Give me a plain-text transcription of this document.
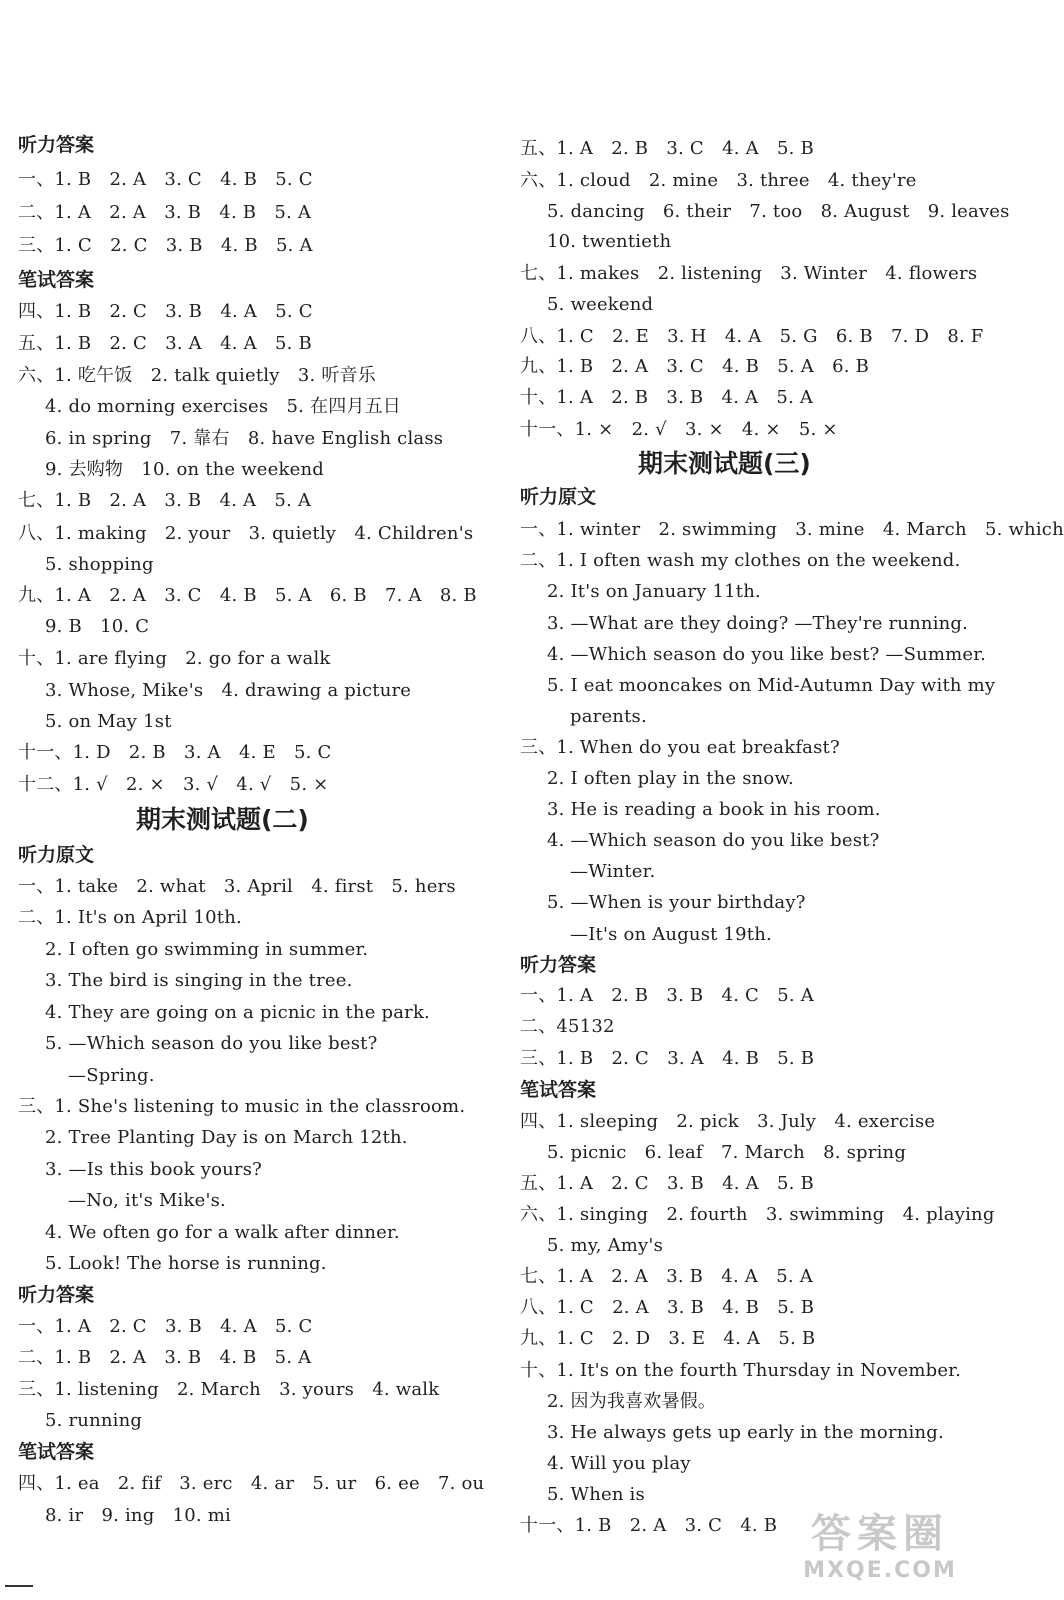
听力答案
一、1. B　2. A　3. C　4. B　5. C
二、1. A　2. A　3. B　4. B　5. A
三、1. C　2. C　3. B　4. B　5. A
笔试答案
四、1. B　2. C　3. B　4. A　5. C
五、1. B　2. C　3. A　4. A　5. B
六、1. 吃午饭　2. talk quietly　3. 听音乐
4. do morning exercises　5. 在四月五日
6. in spring　7. 靠右　8. have English class
9. 去购物　10. on the weekend
七、1. B　2. A　3. B　4. A　5. A
八、1. making　2. your　3. quietly　4. Children's
5. shopping
九、1. A　2. A　3. C　4. B　5. A　6. B　7. A　8. B
9. B　10. C
十、1. are flying　2. go for a walk
3. Whose, Mike's　4. drawing a picture
5. on May 1st
十一、1. D　2. B　3. A　4. E　5. C
十二、1. √　2. ×　3. √　4. √　5. ×
期末测试题(二)
听力原文
一、1. take　2. what　3. April　4. first　5. hers
二、1. It's on April 10th.
2. I often go swimming in summer.
3. The bird is singing in the tree.
4. They are going on a picnic in the park.
5. —Which season do you like best?
—Spring.
三、1. She's listening to music in the classroom.
2. Tree Planting Day is on March 12th.
3. —Is this book yours?
—No, it's Mike's.
4. We often go for a walk after dinner.
5. Look! The horse is running.
听力答案
一、1. A　2. C　3. B　4. A　5. C
二、1. B　2. A　3. B　4. B　5. A
三、1. listening　2. March　3. yours　4. walk
5. running
笔试答案
四、1. ea　2. fif　3. erc　4. ar　5. ur　6. ee　7. ou
8. ir　9. ing　10. mi
五、1. A　2. B　3. C　4. A　5. B
六、1. cloud　2. mine　3. three　4. they're
5. dancing　6. their　7. too　8. August　9. leaves
10. twentieth
七、1. makes　2. listening　3. Winter　4. flowers
5. weekend
八、1. C　2. E　3. H　4. A　5. G　6. B　7. D　8. F
九、1. B　2. A　3. C　4. B　5. A　6. B
十、1. A　2. B　3. B　4. A　5. A
十一、1. ×　2. √　3. ×　4. ×　5. ×
期末测试题(三)
听力原文
一、1. winter　2. swimming　3. mine　4. March　5. which
二、1. I often wash my clothes on the weekend.
2. It's on January 11th.
3. —What are they doing? —They're running.
4. —Which season do you like best? —Summer.
5. I eat mooncakes on Mid-Autumn Day with my
parents.
三、1. When do you eat breakfast?
2. I often play in the snow.
3. He is reading a book in his room.
4. —Which season do you like best?
—Winter.
5. —When is your birthday?
—It's on August 19th.
听力答案
一、1. A　2. B　3. B　4. C　5. A
二、45132
三、1. B　2. C　3. A　4. B　5. B
笔试答案
四、1. sleeping　2. pick　3. July　4. exercise
5. picnic　6. leaf　7. March　8. spring
五、1. A　2. C　3. B　4. A　5. B
六、1. singing　2. fourth　3. swimming　4. playing
5. my, Amy's
七、1. A　2. A　3. B　4. A　5. A
八、1. C　2. A　3. B　4. B　5. B
九、1. C　2. D　3. E　4. A　5. B
十、1. It's on the fourth Thursday in November.
2. 因为我喜欢暑假。
3. He always gets up early in the morning.
4. Will you play
5. When is
十一、1. B　2. A　3. C　4. B 答案圈
MXQE.COM
